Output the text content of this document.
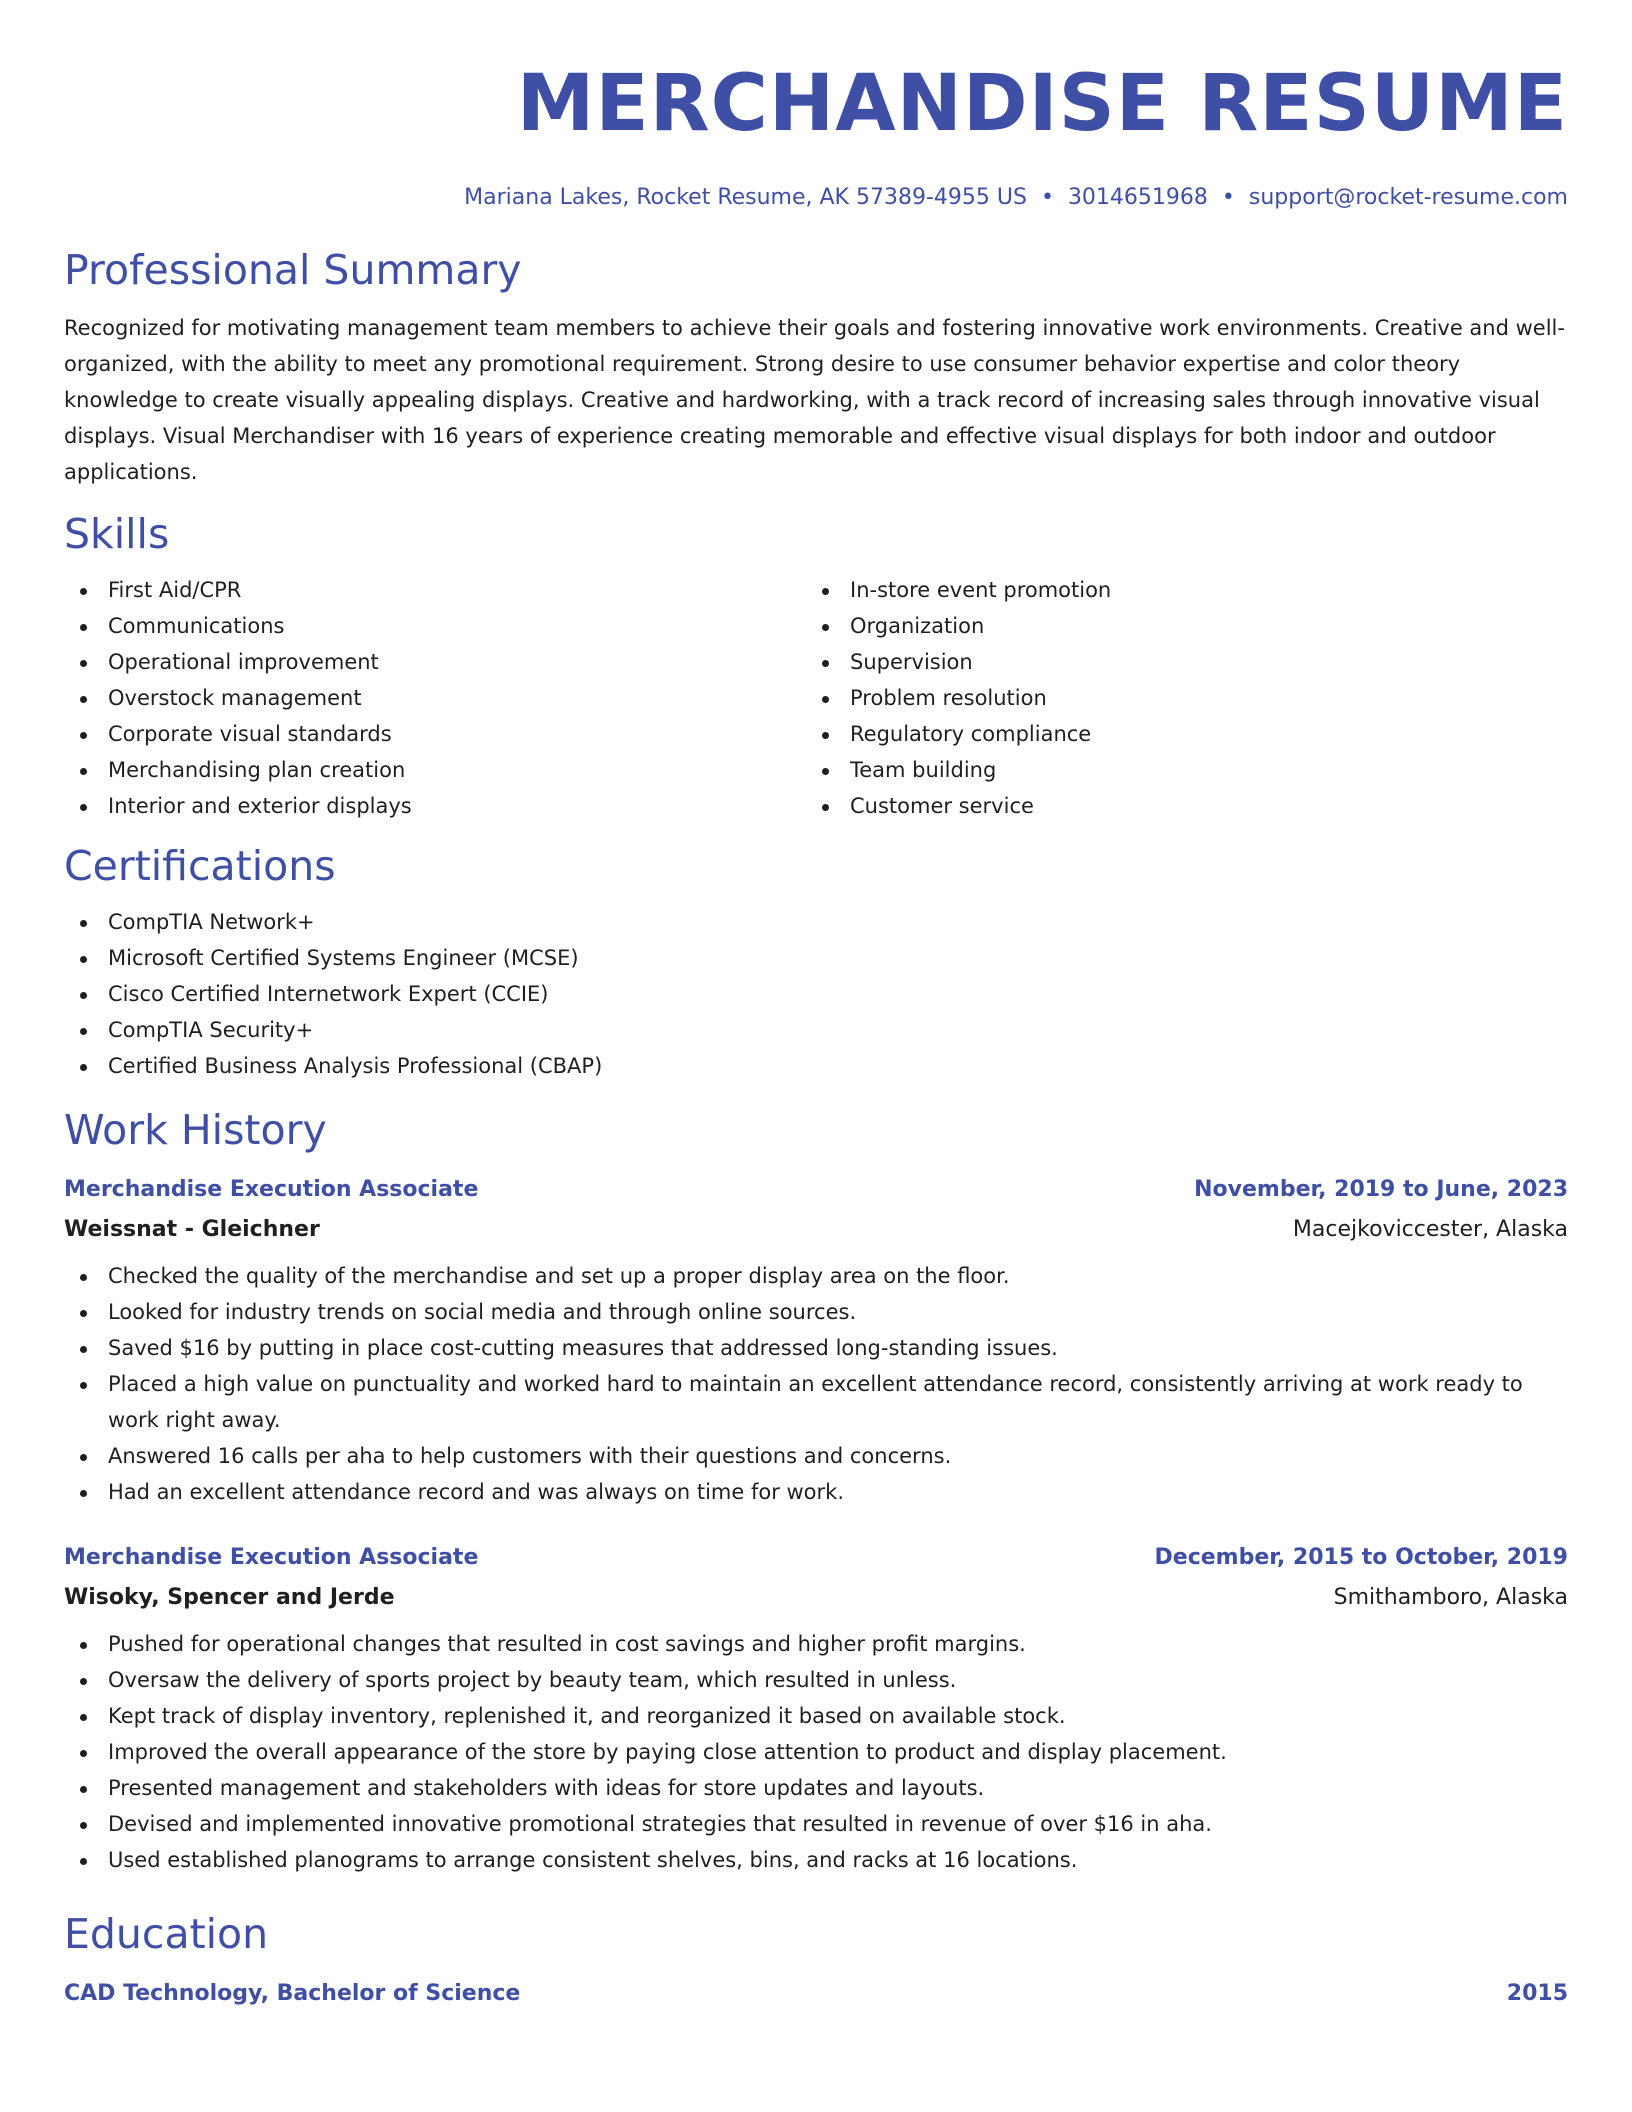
MERCHANDISE RESUME
Mariana Lakes, Rocket Resume, AK 57389-4955 US • 3014651968 • support@rocket-resume.com
Professional Summary

Recognized for motivating management team members to achieve their goals and fostering innovative work environments. Creative and well-organized, with the ability to meet any promotional requirement. Strong desire to use consumer behavior expertise and color theory knowledge to create visually appealing displays. Creative and hardworking, with a track record of increasing sales through innovative visual displays. Visual Merchandiser with 16 years of experience creating memorable and effective visual displays for both indoor and outdoor applications.

Skills
First Aid/CPR
Communications
Operational improvement
Overstock management
Corporate visual standards
Merchandising plan creation
Interior and exterior displays
In-store event promotion
Organization
Supervision
Problem resolution
Regulatory compliance
Team building
Customer service
Certifications
CompTIA Network+
Microsoft Certified Systems Engineer (MCSE)
Cisco Certified Internetwork Expert (CCIE)
CompTIA Security+
Certified Business Analysis Professional (CBAP)
Work History
Merchandise Execution Associate	November, 2019 to June, 2023
Weissnat - Gleichner	Macejkoviccester, Alaska
Checked the quality of the merchandise and set up a proper display area on the floor.
Looked for industry trends on social media and through online sources.
Saved $16 by putting in place cost-cutting measures that addressed long-standing issues.
Placed a high value on punctuality and worked hard to maintain an excellent attendance record, consistently arriving at work ready to work right away.
Answered 16 calls per aha to help customers with their questions and concerns.
Had an excellent attendance record and was always on time for work.
Merchandise Execution Associate	December, 2015 to October, 2019
Wisoky, Spencer and Jerde	Smithamboro, Alaska
Pushed for operational changes that resulted in cost savings and higher profit margins.
Oversaw the delivery of sports project by beauty team, which resulted in unless.
Kept track of display inventory, replenished it, and reorganized it based on available stock.
Improved the overall appearance of the store by paying close attention to product and display placement.
Presented management and stakeholders with ideas for store updates and layouts.
Devised and implemented innovative promotional strategies that resulted in revenue of over $16 in aha.
Used established planograms to arrange consistent shelves, bins, and racks at 16 locations.
Education
CAD Technology, Bachelor of Science	2015
